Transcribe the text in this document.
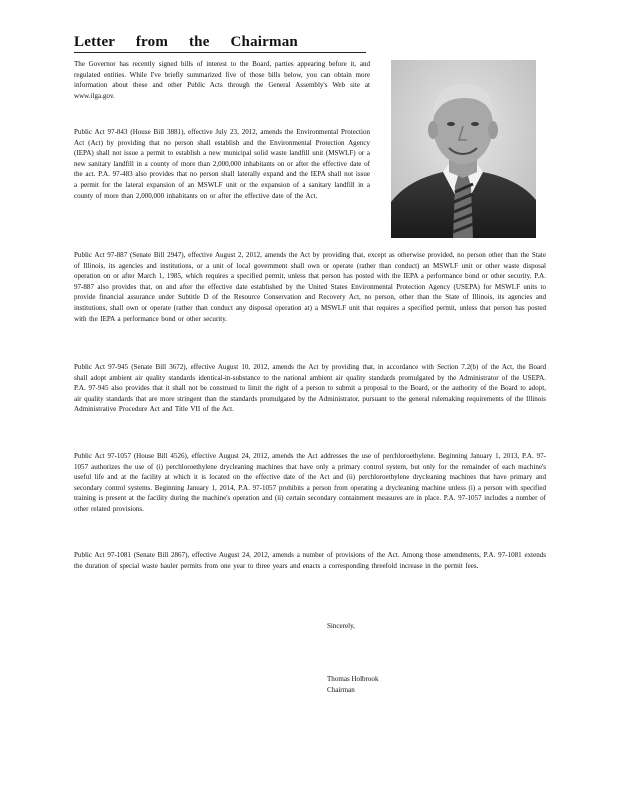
Letter from the Chairman

The Governor has recently signed bills of interest to the Board, parties appearing before it, and regulated entities. While I've briefly summarized five of those bills below, you can obtain more information about these and other Public Acts through the General Assembly's Web site at www.ilga.gov.

Public Act 97-843 (House Bill 3881), effective July 23, 2012, amends the Environmental Protection Act (Act) by providing that no person shall establish and the Environmental Protection Agency (IEPA) shall not issue a permit to establish a new municipal solid waste landfill unit (MSWLF) or a new sanitary landfill in a county of more than 2,000,000 inhabitants on or after the effective date of the act. P.A. 97-483 also provides that no person shall laterally expand and the IEPA shall not issue a permit for the lateral expansion of an MSWLF unit or the expansion of a sanitary landfill in a county of more than 2,000,000 inhabitants on or after the effective date of the Act.

Public Act 97-887 (Senate Bill 2947), effective August 2, 2012, amends the Act by providing that, except as otherwise provided, no person other than the State of Illinois, its agencies and institutions, or a unit of local government shall own or operate (rather than conduct) an MSWLF unit or other waste disposal operation on or after March 1, 1985, which requires a specified permit, unless that person has posted with the IEPA a performance bond or other security. P.A. 97-887 also provides that, on and after the effective date established by the United States Environmental Protection Agency (USEPA) for MSWLF units to provide financial assurance under Subtitle D of the Resource Conservation and Recovery Act, no person, other than the State of Illinois, its agencies and institutions, shall own or operate (rather than conduct any disposal operation at) a MSWLF unit that requires a specified permit, unless that person has posted with the IEPA a performance bond or other security.

Public Act 97-945 (Senate Bill 3672), effective August 10, 2012, amends the Act by providing that, in accordance with Section 7.2(b) of the Act, the Board shall adopt ambient air quality standards identical-in-substance to the national ambient air quality standards promulgated by the Administrator of the USEPA. P.A. 97-945 also provides that it shall not be construed to limit the right of a person to submit a proposal to the Board, or the authority of the Board to adopt, air quality standards that are more stringent than the standards promulgated by the Administrator, pursuant to the general rulemaking requirements of the Illinois Administrative Procedure Act and Title VII of the Act.

Public Act 97-1057 (House Bill 4526), effective August 24, 2012, amends the Act addresses the use of perchloroethylene. Beginning January 1, 2013, P.A. 97-1057 authorizes the use of (i) perchloroethylene drycleaning machines that have only a primary control system, but only for the remainder of each machine's useful life and at the facility at which it is located on the effective date of the Act and (ii) perchloroethylene drycleaning machines that have primary and secondary control systems. Beginning January 1, 2014, P.A. 97-1057 prohibits a person from operating a drycleaning machine unless (i) a person with specified training is present at the facility during the machine's operation and (ii) certain secondary containment measures are in place. P.A. 97-1057 includes a number of other related provisions.

Public Act 97-1081 (Senate Bill 2867), effective August 24, 2012, amends a number of provisions of the Act. Among those amendments, P.A. 97-1081 extends the duration of special waste hauler permits from one year to three years and enacts a corresponding threefold increase in the permit fees.

Sincerely,
Thomas Holbrook
Chairman
